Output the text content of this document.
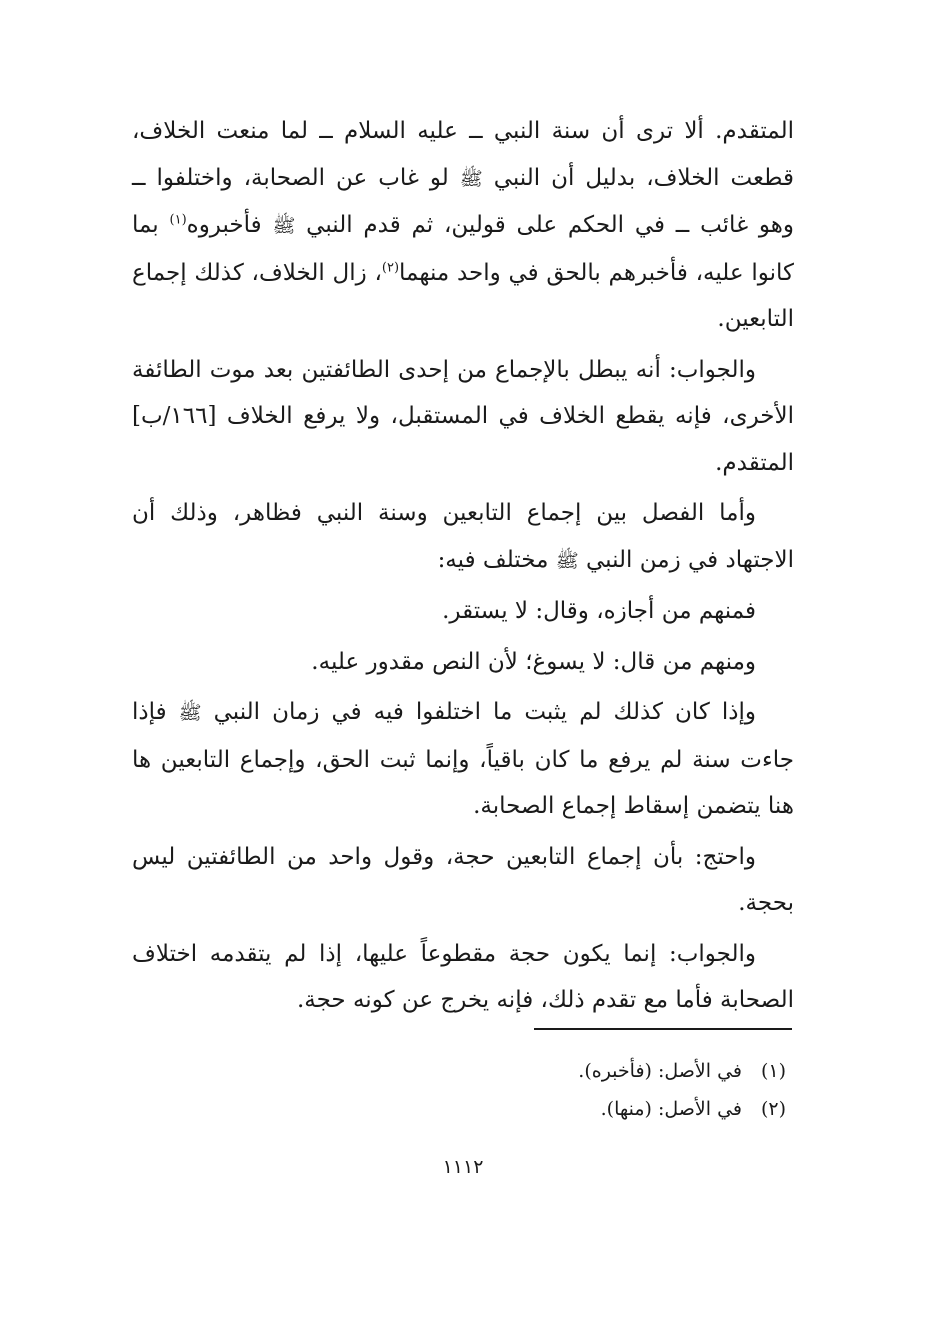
المتقدم. ألا ترى أن سنة النبي ــ عليه السلام ــ لما منعت الخلاف، قطعت الخلاف، بدليل أن النبي ﷺ لو غاب عن الصحابة، واختلفوا ــ وهو غائب ــ في الحكم على قولين، ثم قدم النبي ﷺ فأخبروه$^{(١)}$ بما كانوا عليه، فأخبرهم بالحق في واحد منهما$^{(٢)}$، زال الخلاف، كذلك إجماع التابعين.
والجواب: أنه يبطل بالإجماع من إحدى الطائفتين بعد موت الطائفة الأخرى، فإنه يقطع الخلاف في المستقبل، ولا يرفع الخلاف [١٦٦/ب] المتقدم.
وأما الفصل بين إجماع التابعين وسنة النبي فظاهر، وذلك أن الاجتهاد في زمن النبي ﷺ مختلف فيه:
فمنهم من أجازه، وقال: لا يستقر.
ومنهم من قال: لا يسوغ؛ لأن النص مقدور عليه.
وإذا كان كذلك لم يثبت ما اختلفوا فيه في زمان النبي ﷺ فإذا جاءت سنة لم يرفع ما كان باقياً، وإنما ثبت الحق، وإجماع التابعين ها هنا يتضمن إسقاط إجماع الصحابة.
واحتج: بأن إجماع التابعين حجة، وقول واحد من الطائفتين ليس بحجة.
والجواب: إنما يكون حجة مقطوعاً عليها، إذا لم يتقدمه اختلاف الصحابة فأما مع تقدم ذلك، فإنه يخرج عن كونه حجة.
(١)في الأصل: (فأخبره).
(٢)في الأصل: (منها).
١١١٢
